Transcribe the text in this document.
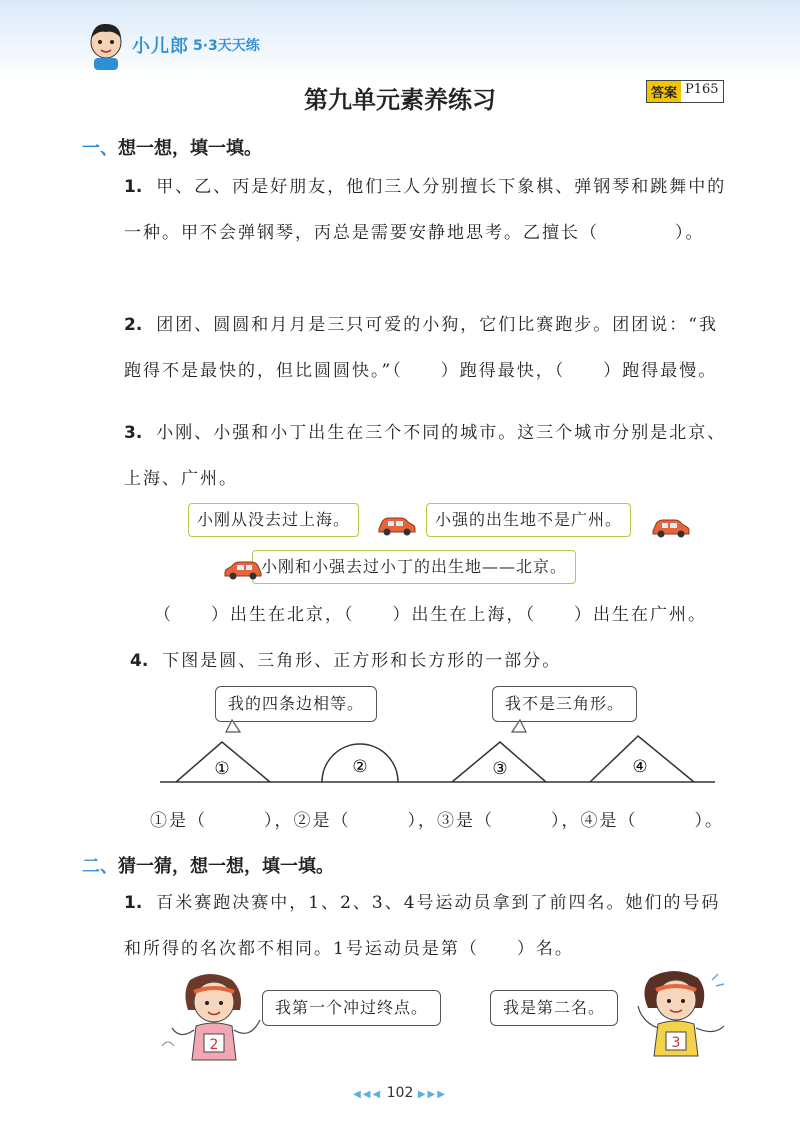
小儿郎 5·3天天练
第九单元素养练习	答案 P165
一、想一想，填一填。
1. 甲、乙、丙是好朋友，他们三人分别擅长下象棋、弹钢琴和跳舞中的一种。甲不会弹钢琴，丙总是需要安静地思考。乙擅长（　　　　）。
2. 团团、圆圆和月月是三只可爱的小狗，它们比赛跑步。团团说：“我跑得不是最快的，但比圆圆快。”（　　）跑得最快，（　　）跑得最慢。
3. 小刚、小强和小丁出生在三个不同的城市。这三个城市分别是北京、上海、广州。
小刚从没去过上海。	小强的出生地不是广州。
小刚和小强去过小丁的出生地——北京。
（　　）出生在北京，（　　）出生在上海，（　　）出生在广州。
4. 下图是圆、三角形、正方形和长方形的一部分。
我的四条边相等。	我不是三角形。
①	②	③	④
①是（　　　），②是（　　　），③是（　　　），④是（　　　）。
二、猜一猜，想一想，填一填。
1. 百米赛跑决赛中，1、2、3、4号运动员拿到了前四名。她们的号码和所得的名次都不相同。1号运动员是第（　　）名。
我第一个冲过终点。	我是第二名。
2	3
◀◀◀ 102 ▶▶▶
